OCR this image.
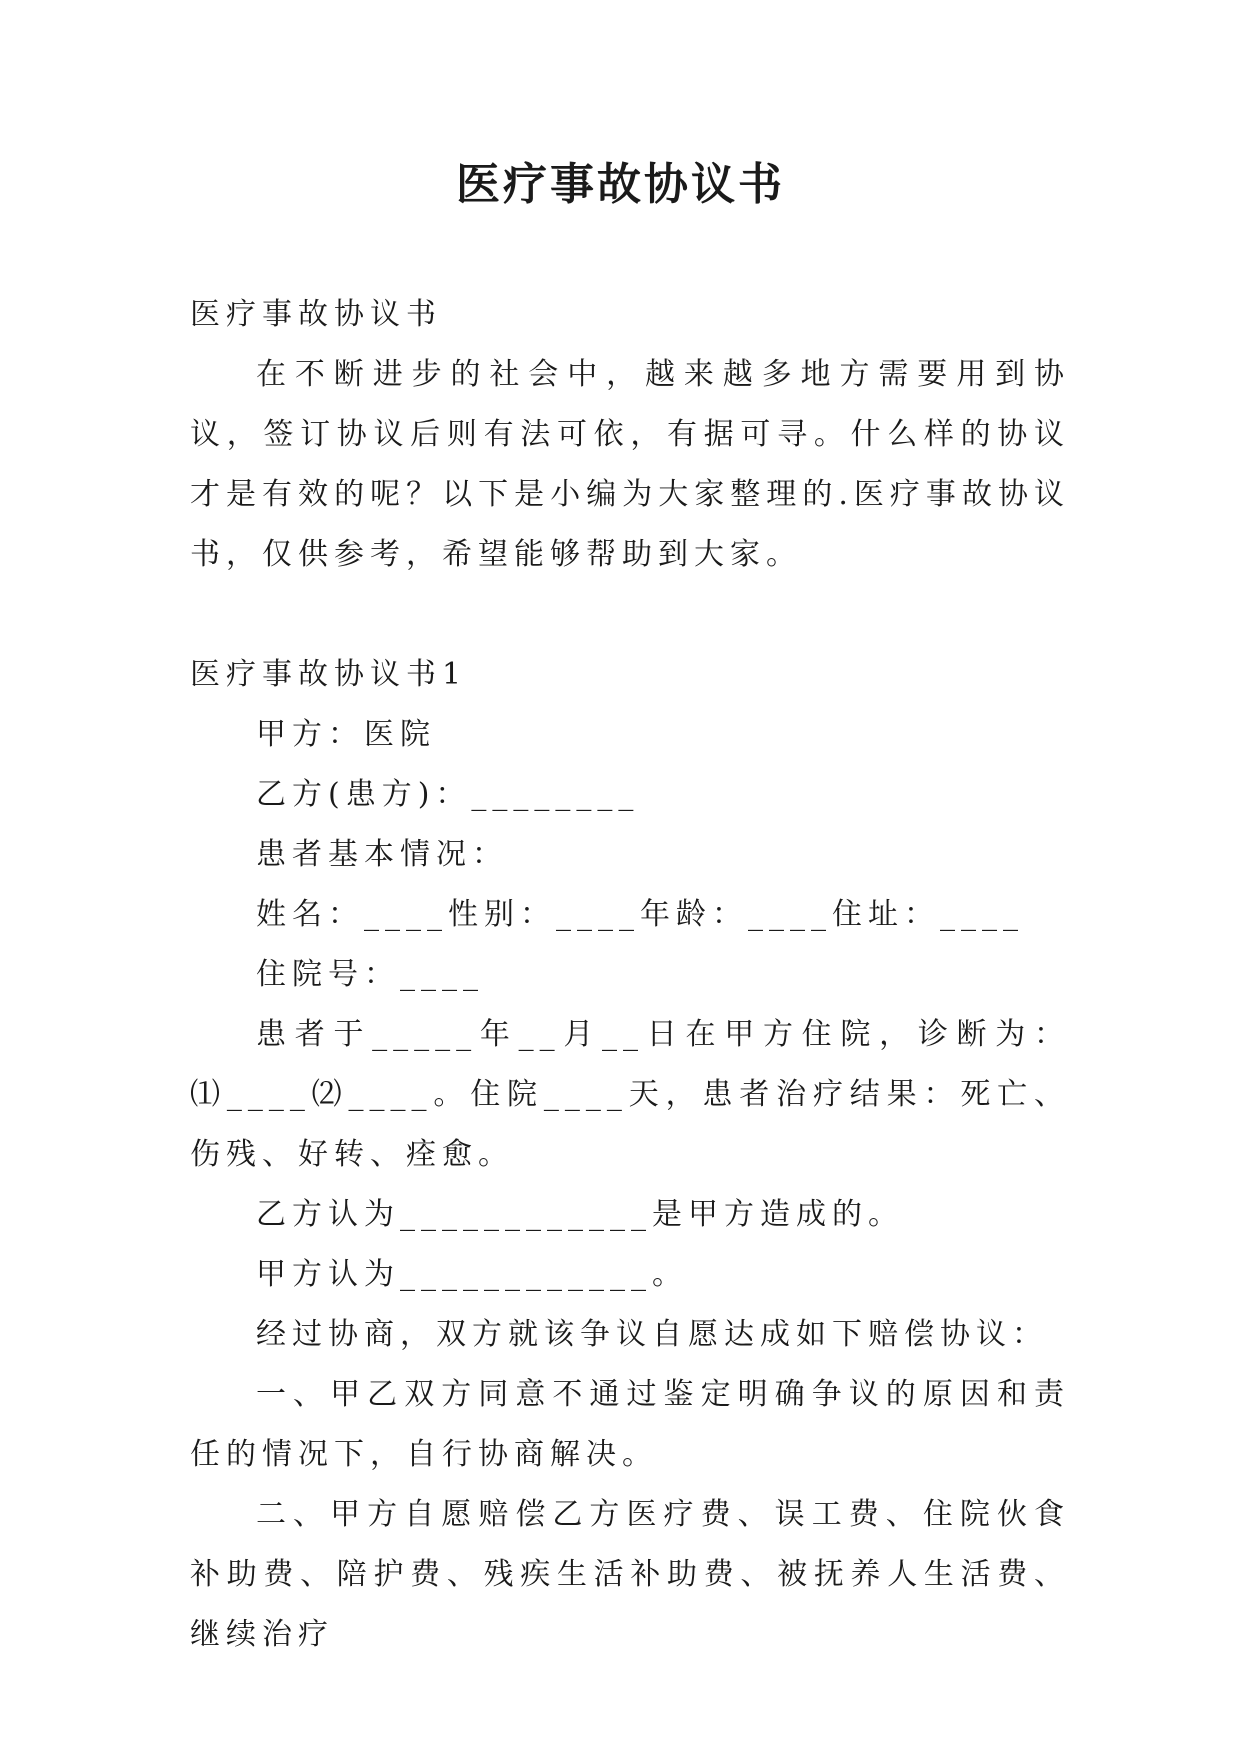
医疗事故协议书

医疗事故协议书

在不断进步的社会中，越来越多地方需要用到协议，签订协议后则有法可依，有据可寻。什么样的协议才是有效的呢？以下是小编为大家整理的.医疗事故协议书，仅供参考，希望能够帮助到大家。

医疗事故协议书1

甲方：医院

乙方(患方)：________

患者基本情况：

姓名：____性别：____年龄：____住址：____

住院号：____

患者于_____年__月__日在甲方住院，诊断为：⑴____⑵____。住院____天，患者治疗结果：死亡、伤残、好转、痊愈。

乙方认为____________是甲方造成的。

甲方认为____________。

经过协商，双方就该争议自愿达成如下赔偿协议：

一、甲乙双方同意不通过鉴定明确争议的原因和责任的情况下，自行协商解决。

二、甲方自愿赔偿乙方医疗费、误工费、住院伙食补助费、陪护费、残疾生活补助费、被抚养人生活费、继续治疗
